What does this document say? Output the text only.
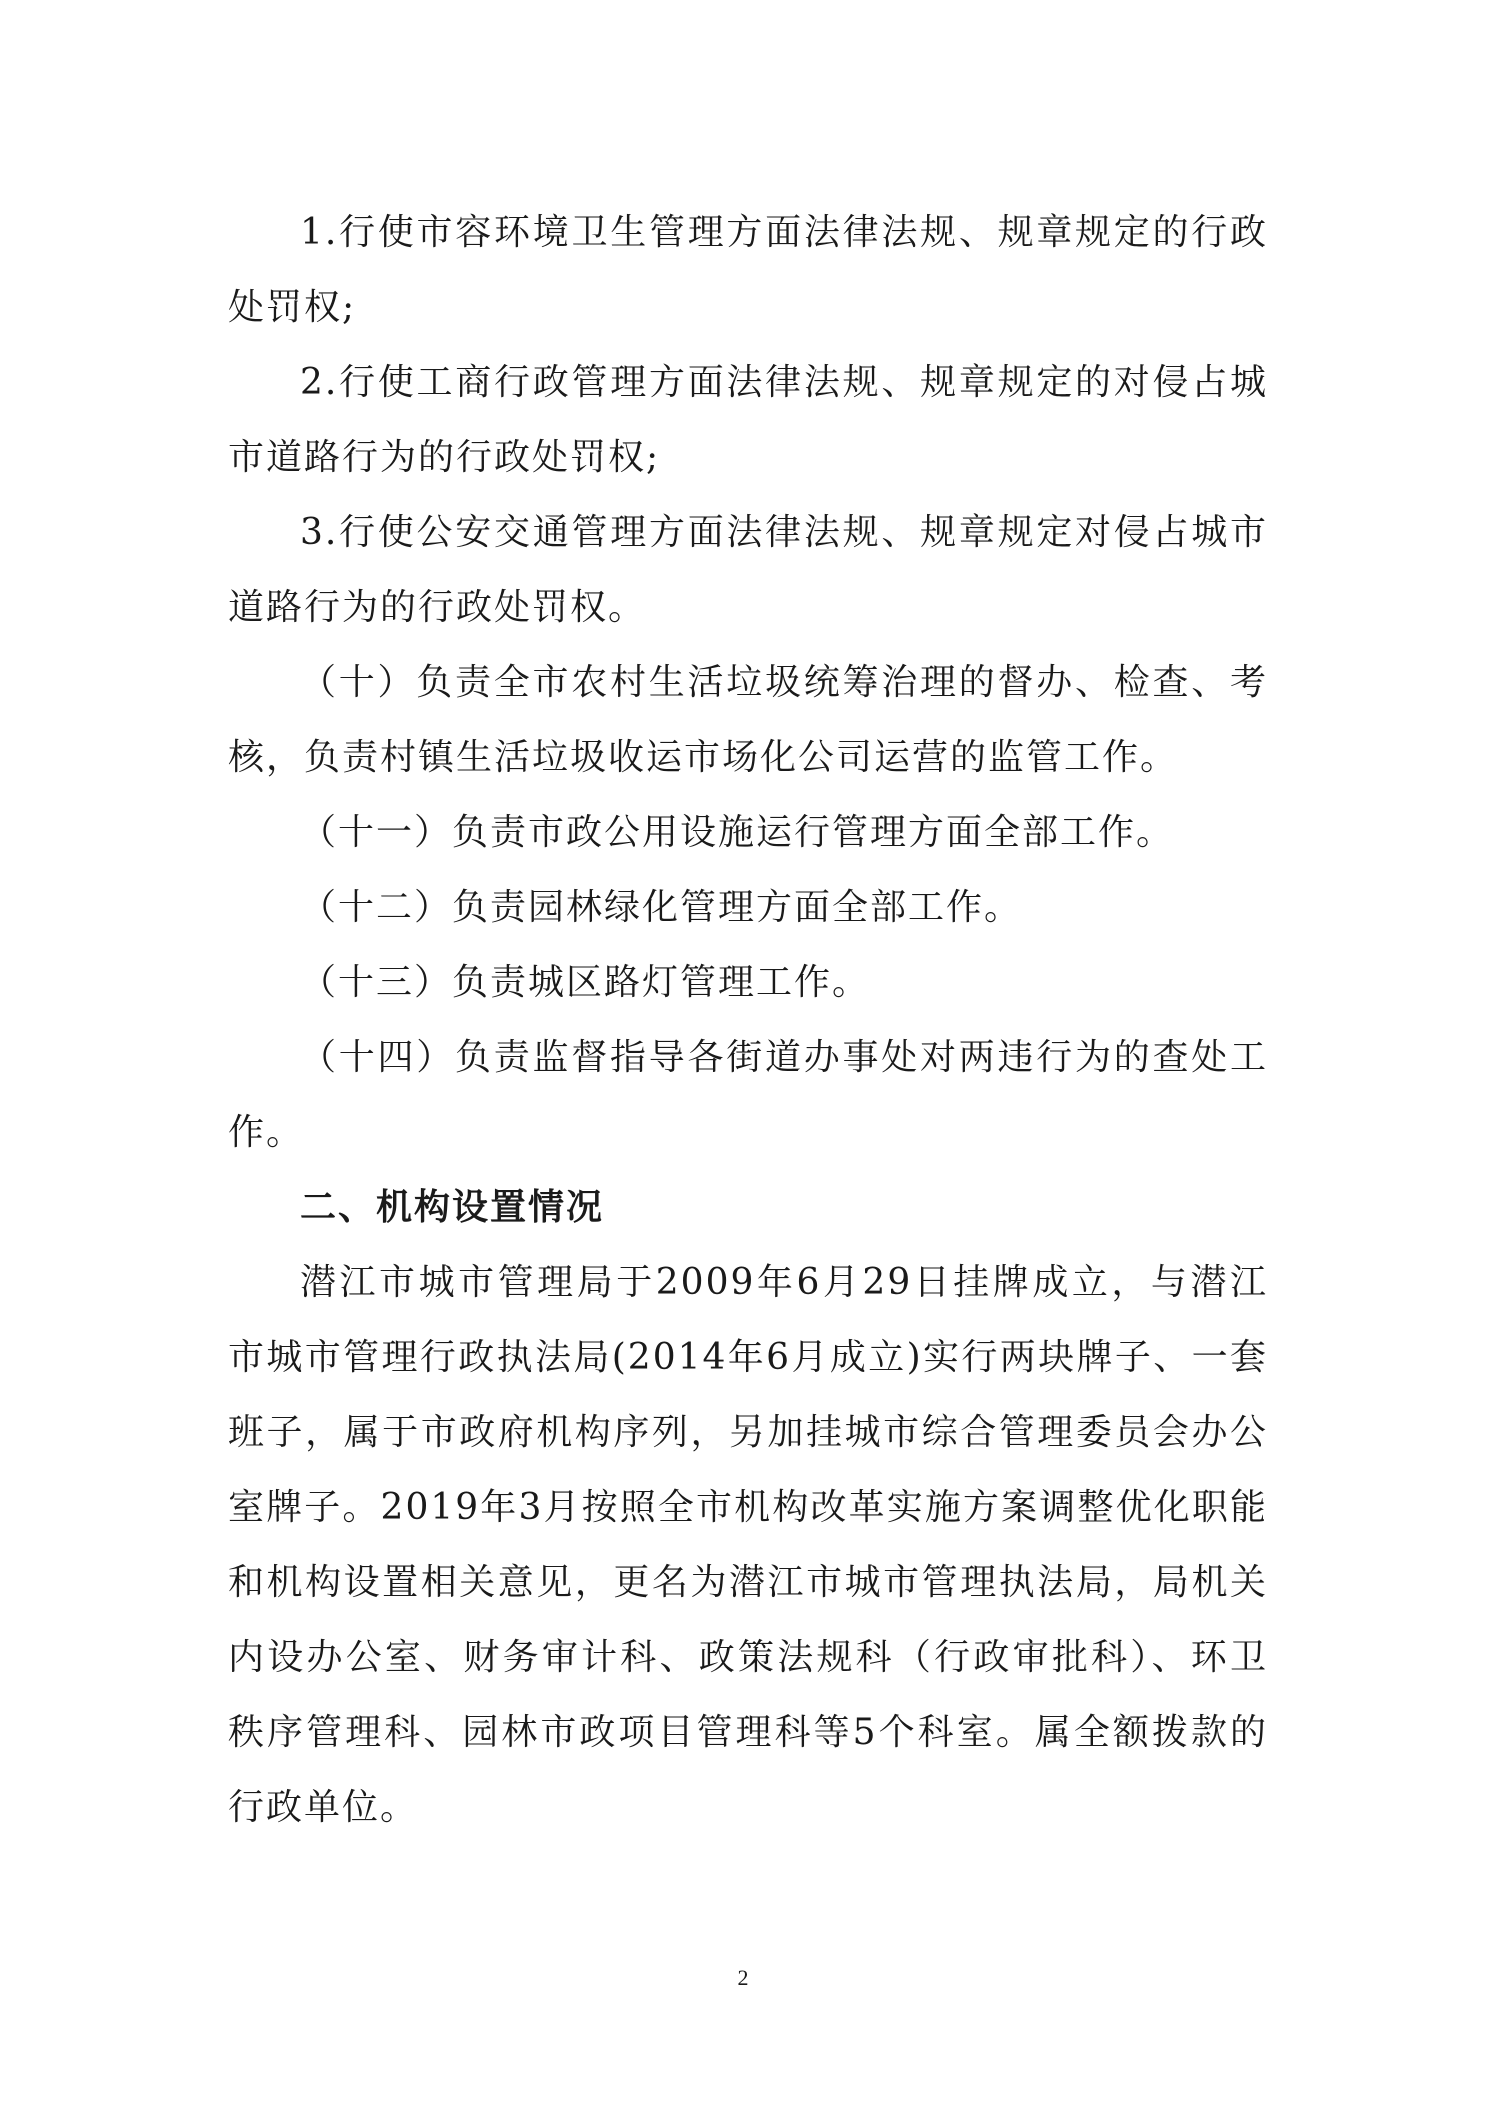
1.行使市容环境卫生管理方面法律法规、规章规定的行政处罚权;

2.行使工商行政管理方面法律法规、规章规定的对侵占城市道路行为的行政处罚权;

3.行使公安交通管理方面法律法规、规章规定对侵占城市道路行为的行政处罚权。

（十）负责全市农村生活垃圾统筹治理的督办、检查、考核，负责村镇生活垃圾收运市场化公司运营的监管工作。

（十一）负责市政公用设施运行管理方面全部工作。

（十二）负责园林绿化管理方面全部工作。

（十三）负责城区路灯管理工作。

（十四）负责监督指导各街道办事处对两违行为的查处工作。

二、机构设置情况

潜江市城市管理局于2009年6月29日挂牌成立，与潜江市城市管理行政执法局(2014年6月成立)实行两块牌子、一套班子，属于市政府机构序列，另加挂城市综合管理委员会办公室牌子。2019年3月按照全市机构改革实施方案调整优化职能和机构设置相关意见，更名为潜江市城市管理执法局，局机关内设办公室、财务审计科、政策法规科（行政审批科）、环卫秩序管理科、园林市政项目管理科等5个科室。属全额拨款的行政单位。

2
